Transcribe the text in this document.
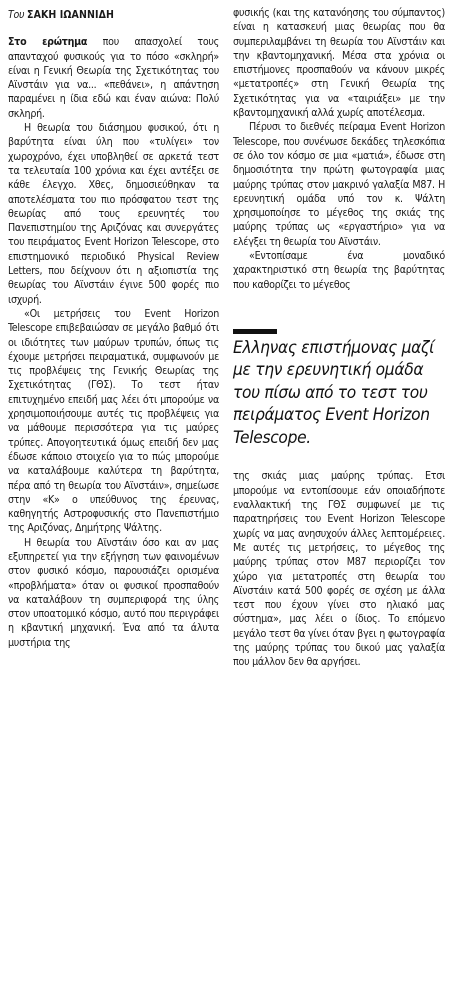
Του ΣΑΚΗ ΙΩΑΝΝΙΔΗ

Στο ερώτημα που απασχολεί τους απανταχού φυσικούς για το πόσο «σκληρή» είναι η Γενική Θεωρία της Σχετικότητας του Αϊνστάιν για να... «πεθάνει», η απάντηση παραμένει η ίδια εδώ και έναν αιώνα: Πολύ σκληρή.

Η θεωρία του διάσημου φυσικού, ότι η βαρύτητα είναι ύλη που «τυλίγει» τον χωροχρόνο, έχει υποβληθεί σε αρκετά τεστ τα τελευταία 100 χρόνια και έχει αντέξει σε κάθε έλεγχο. Χθες, δημοσιεύθηκαν τα αποτελέσματα του πιο πρόσφατου τεστ της θεωρίας από τους ερευνητές του Πανεπιστημίου της Αριζόνας και συνεργάτες του πειράματος Event Horizon Telescope, στο επιστημονικό περιοδικό Physical Review Letters, που δείχνουν ότι η αξιοπιστία της θεωρίας του Αϊνστάιν έγινε 500 φορές πιο ισχυρή.

«Οι μετρήσεις του Event Horizon Telescope επιβεβαιώσαν σε μεγάλο βαθμό ότι οι ιδιότητες των μαύρων τρυπών, όπως τις έχουμε μετρήσει πειραματικά, συμφωνούν με τις προβλέψεις της Γενικής Θεωρίας της Σχετικότητας (ΓΘΣ). Το τεστ ήταν επιτυχημένο επειδή μας λέει ότι μπορούμε να χρησιμοποιήσουμε αυτές τις προβλέψεις για να μάθουμε περισσότερα για τις μαύρες τρύπες. Απογοητευτικά όμως επειδή δεν μας έδωσε κάποιο στοιχείο για το πώς μπορούμε να καταλάβουμε καλύτερα τη βαρύτητα, πέρα από τη θεωρία του Αϊνστάιν», σημείωσε στην «Κ» ο υπεύθυνος της έρευνας, καθηγητής Αστροφυσικής στο Πανεπιστήμιο της Αριζόνας, Δημήτρης Ψάλτης.

Η θεωρία του Αϊνστάιν όσο και αν μας εξυπηρετεί για την εξήγηση των φαινομένων στον φυσικό κόσμο, παρουσιάζει ορισμένα «προβλήματα» όταν οι φυσικοί προσπαθούν να καταλάβουν τη συμπεριφορά της ύλης στον υποατομικό κόσμο, αυτό που περιγράφει η κβαντική μηχανική. Ένα από τα άλυτα μυστήρια της

φυσικής (και της κατανόησης του σύμπαντος) είναι η κατασκευή μιας θεωρίας που θα συμπεριλαμβάνει τη θεωρία του Αϊνστάιν και την κβαντομηχανική. Μέσα στα χρόνια οι επιστήμονες προσπαθούν να κάνουν μικρές «μετατροπές» στη Γενική Θεωρία της Σχετικότητας για να «ταιριάξει» με την κβαντομηχανική αλλά χωρίς αποτέλεσμα.

Πέρυσι το διεθνές πείραμα Event Horizon Telescope, που συνένωσε δεκάδες τηλεσκόπια σε όλο τον κόσμο σε μια «ματιά», έδωσε στη δημοσιότητα την πρώτη φωτογραφία μιας μαύρης τρύπας στον μακρινό γαλαξία Μ87. Η ερευνητική ομάδα υπό τον κ. Ψάλτη χρησιμοποίησε το μέγεθος της σκιάς της μαύρης τρύπας ως «εργαστήριο» για να ελέγξει τη θεωρία του Αϊνστάιν.

«Εντοπίσαμε ένα μοναδικό χαρακτηριστικό στη θεωρία της βαρύτητας που καθορίζει το μέγεθος

Ελληνας επιστήμονας μαζί με την ερευνητική ομάδα του πίσω από το τεστ του πειράματος Event Horizon Telescope.

της σκιάς μιας μαύρης τρύπας. Ετσι μπορούμε να εντοπίσουμε εάν οποιαδήποτε εναλλακτική της ΓΘΣ συμφωνεί με τις παρατηρήσεις του Event Horizon Telescope χωρίς να μας ανησυχούν άλλες λεπτομέρειες. Με αυτές τις μετρήσεις, το μέγεθος της μαύρης τρύπας στον Μ87 περιορίζει τον χώρο για μετατροπές στη θεωρία του Αϊνστάιν κατά 500 φορές σε σχέση με άλλα τεστ που έχουν γίνει στο ηλιακό μας σύστημα», μας λέει ο ίδιος. Το επόμενο μεγάλο τεστ θα γίνει όταν βγει η φωτογραφία της μαύρης τρύπας του δικού μας γαλαξία που μάλλον δεν θα αργήσει.
